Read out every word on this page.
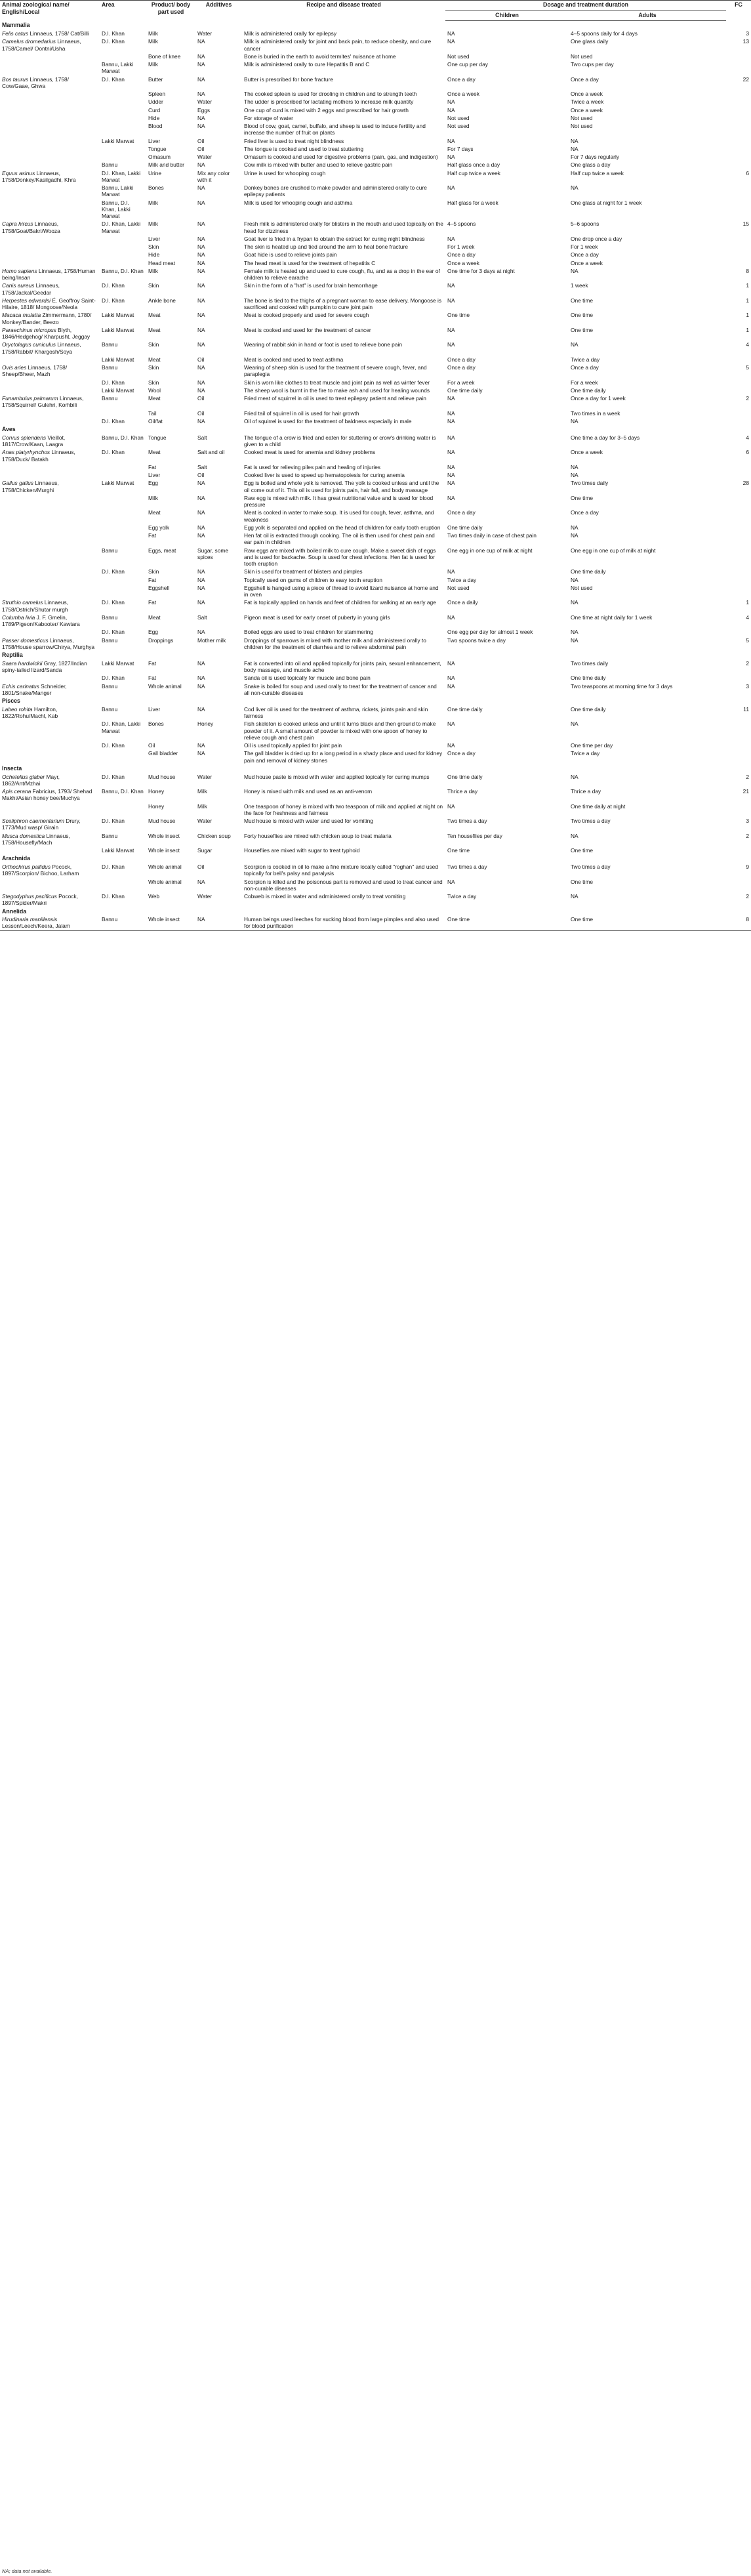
Animal zoological name/ English/Local	Area	Product/ body part used	Additives	Recipe and disease treated	Dosage and treatment duration		FC
					Children	Adults	
Mammalia							
Felis catus Linnaeus, 1758/ Cat/Billi	D.I. Khan	Milk	Water	Milk is administered orally for epilepsy	NA	4–5 spoons daily for 4 days	3
Camelus dromedarius Linnaeus, 1758/Camel/ Oontni/Usha	D.I. Khan	Milk	NA	Milk is administered orally for joint and back pain, to reduce obesity, and cure cancer	NA	One glass daily	13
		Bone of knee	NA	Bone is buried in the earth to avoid termites' nuisance at home	Not used	Not used	
	Bannu, Lakki Marwat	Milk	NA	Milk is administered orally to cure Hepatitis B and C	One cup per day	Two cups per day	
Bos taurus Linnaeus, 1758/ Cow/Gaae, Ghwa	D.I. Khan	Butter	NA	Butter is prescribed for bone fracture	Once a day	Once a day	22
		Spleen	NA	The cooked spleen is used for drooling in children and to strength teeth	Once a week	Once a week	
		Udder	Water	The udder is prescribed for lactating mothers to increase milk quantity	NA	Twice a week	
		Curd	Eggs	One cup of curd is mixed with 2 eggs and prescribed for hair growth	NA	Once a week	
		Hide	NA	For storage of water	Not used	Not used	
		Blood	NA	Blood of cow, goat, camel, buffalo, and sheep is used to induce fertility and increase the number of fruit on plants	Not used	Not used	
	Lakki Marwat	Liver	Oil	Fried liver is used to treat night blindness	NA	NA	
		Tongue	Oil	The tongue is cooked and used to treat stuttering	For 7 days	NA	
		Omasum	Water	Omasum is cooked and used for digestive problems (pain, gas, and indigestion)	NA	For 7 days regularly	
	Bannu	Milk and butter	NA	Cow milk is mixed with butter and used to relieve gastric pain	Half glass once a day	One glass a day	
Equus asinus Linnaeus, 1758/Donkey/Kasilgadhi, Khra	D.I. Khan, Lakki Marwat	Urine	Mix any color with it	Urine is used for whooping cough	Half cup twice a week	Half cup twice a week	6
	Bannu, Lakki Marwat	Bones	NA	Donkey bones are crushed to make powder and administered orally to cure epilepsy patients	NA	NA	
	Bannu, D.I. Khan, Lakki Marwat	Milk	NA	Milk is used for whooping cough and asthma	Half glass for a week	One glass at night for 1 week	
Capra hircus Linnaeus, 1758/Goat/Bakri/Wooza	D.I. Khan, Lakki Marwat	Milk	NA	Fresh milk is administered orally for blisters in the mouth and used topically on the head for dizziness	4–5 spoons	5–6 spoons	15
		Liver	NA	Goat liver is fried in a frypan to obtain the extract for curing night blindness	NA	One drop once a day	
		Skin	NA	The skin is heated up and tied around the arm to heal bone fracture	For 1 week	For 1 week	
		Hide	NA	Goat hide is used to relieve joints pain	Once a day	Once a day	
		Head meat	NA	The head meat is used for the treatment of hepatitis C	Once a week	Once a week	
Homo sapiens Linnaeus, 1758/Human being/Insan	Bannu, D.I. Khan	Milk	NA	Female milk is heated up and used to cure cough, flu, and as a drop in the ear of children to relieve earache	One time for 3 days at night	NA	8
Canis aureus Linnaeus, 1758/Jackal/Geedar	D.I. Khan	Skin	NA	Skin in the form of a "hat" is used for brain hemorrhage	NA	1 week	1
Herpestes edwardsi É. Geoffroy Saint-Hilaire, 1818/ Mongoose/Neola	D.I. Khan	Ankle bone	NA	The bone is tied to the thighs of a pregnant woman to ease delivery. Mongoose is sacrificed and cooked with pumpkin to cure joint pain	NA	One time	1
Macaca mulatta Zimmermann, 1780/ Monkey/Bander, Beezo	Lakki Marwat	Meat	NA	Meat is cooked properly and used for severe cough	One time	One time	1
Paraechinus micropus Blyth, 1846/Hedgehog/ Kharpusht, Jeggay	Lakki Marwat	Meat	NA	Meat is cooked and used for the treatment of cancer	NA	One time	1
Oryctolagus cuniculus Linnaeus, 1758/Rabbit/ Khargosh/Soya	Bannu	Skin	NA	Wearing of rabbit skin in hand or foot is used to relieve bone pain	NA	NA	4
	Lakki Marwat	Meat	Oil	Meat is cooked and used to treat asthma	Once a day	Twice a day	
Ovis aries Linnaeus, 1758/ Sheep/Bheer, Mazh	Bannu	Skin	NA	Wearing of sheep skin is used for the treatment of severe cough, fever, and paraplegia	Once a day	Once a day	5
	D.I. Khan	Skin	NA	Skin is worn like clothes to treat muscle and joint pain as well as winter fever	For a week	For a week	
	Lakki Marwat	Wool	NA	The sheep wool is burnt in the fire to make ash and used for healing wounds	One time daily	One time daily	
Funambulus palmarum Linnaeus, 1758/Squirrel/ Gulehri, Korhbili	Bannu	Meat	Oil	Fried meat of squirrel in oil is used to treat epilepsy patient and relieve pain	NA	Once a day for 1 week	2
		Tail	Oil	Fried tail of squirrel in oil is used for hair growth	NA	Two times in a week	
	D.I. Khan	Oil/fat	NA	Oil of squirrel is used for the treatment of baldness especially in male	NA	NA	
Aves							
Corvus splendens Vieillot, 1817/Crow/Kaan, Laagra	Bannu, D.I. Khan	Tongue	Salt	The tongue of a crow is fried and eaten for stuttering or crow's drinking water is given to a child	NA	One time a day for 3–5 days	4
Anas platyrhynchos Linnaeus, 1758/Duck/ Batakh	D.I. Khan	Meat	Salt and oil	Cooked meat is used for anemia and kidney problems	NA	Once a week	6
		Fat	Salt	Fat is used for relieving piles pain and healing of injuries	NA	NA	
		Liver	Oil	Cooked liver is used to speed up hematopoiesis for curing anemia	NA	NA	
Gallus gallus Linnaeus, 1758/Chicken/Murghi	Lakki Marwat	Egg	NA	Egg is boiled and whole yolk is removed. The yolk is cooked unless and until the oil come out of it. This oil is used for joints pain, hair fall, and body massage	NA	Two times daily	28
		Milk	NA	Raw egg is mixed with milk. It has great nutritional value and is used for blood pressure	NA	One time	
		Meat	NA	Meat is cooked in water to make soup. It is used for cough, fever, asthma, and weakness	Once a day	Once a day	
		Egg yolk	NA	Egg yolk is separated and applied on the head of children for early tooth eruption	One time daily	NA	
		Fat	NA	Hen fat oil is extracted through cooking. The oil is then used for chest pain and ear pain in children	Two times daily in case of chest pain	NA	
	Bannu	Eggs, meat	Sugar, some spices	Raw eggs are mixed with boiled milk to cure cough. Make a sweet dish of eggs and is used for backache. Soup is used for chest infections. Hen fat is used for tooth eruption	One egg in one cup of milk at night	One egg in one cup of milk at night	
	D.I. Khan	Skin	NA	Skin is used for treatment of blisters and pimples	NA	One time daily	
		Fat	NA	Topically used on gums of children to easy tooth eruption	Twice a day	NA	
		Eggshell	NA	Eggshell is hanged using a piece of thread to avoid lizard nuisance at home and in oven	Not used	Not used	
Struthio camelus Linnaeus, 1758/Ostrich/Shutar murgh	D.I. Khan	Fat	NA	Fat is topically applied on hands and feet of children for walking at an early age	Once a daily	NA	1
Columba livia J. F. Gmelin, 1789/Pigeon/Kabooter/ Kawtara	Bannu	Meat	Salt	Pigeon meat is used for early onset of puberty in young girls	NA	One time at night daily for 1 week	4
	D.I. Khan	Egg	NA	Boiled eggs are used to treat children for stammering	One egg per day for almost 1 week	NA	
Passer domesticus Linnaeus, 1758/House sparrow/Chirya, Murghya	Bannu	Droppings	Mother milk	Droppings of sparrows is mixed with mother milk and administered orally to children for the treatment of diarrhea and to relieve abdominal pain	Two spoons twice a day	NA	5
Reptilia							
Saara hardwickii Gray, 1827/Indian spiny-tailed lizard/Sanda	Lakki Marwat	Fat	NA	Fat is converted into oil and applied topically for joints pain, sexual enhancement, body massage, and muscle ache	NA	Two times daily	2
	D.I. Khan	Fat	NA	Sanda oil is used topically for muscle and bone pain	NA	One time daily	
Echis carinatus Schneider, 1801/Snake/Manger	Bannu	Whole animal	NA	Snake is boiled for soup and used orally to treat for the treatment of cancer and all non-curable diseases	NA	Two teaspoons at morning time for 3 days	3
Pisces							
Labeo rohita Hamilton, 1822/Rohu/Machl, Kab	Bannu	Liver	NA	Cod liver oil is used for the treatment of asthma, rickets, joints pain and skin fairness	One time daily	One time daily	11
	D.I. Khan, Lakki Marwat	Bones	Honey	Fish skeleton is cooked unless and until it turns black and then ground to make powder of it. A small amount of powder is mixed with one spoon of honey to relieve cough and chest pain	NA	NA	
	D.I. Khan	Oil	NA	Oil is used topically applied for joint pain	NA	One time per day	
		Gall bladder	NA	The gall bladder is dried up for a long period in a shady place and used for kidney pain and removal of kidney stones	Once a day	Twice a day	
Insecta							
Ochetellus glaber Mayr, 1862/Ant/Mzhai	D.I. Khan	Mud house	Water	Mud house paste is mixed with water and applied topically for curing mumps	One time daily	NA	2
Apis cerana Fabricius, 1793/ Shehad Makhi/Asian honey bee/Muchya	Bannu, D.I. Khan	Honey	Milk	Honey is mixed with milk and used as an anti-venom	Thrice a day	Thrice a day	21
		Honey	Milk	One teaspoon of honey is mixed with two teaspoon of milk and applied at night on the face for freshness and fairness	NA	One time daily at night	
Sceliphron caementarium Drury, 1773/Mud wasp/ Girain	D.I. Khan	Mud house	Water	Mud house is mixed with water and used for vomiting	Two times a day	Two times a day	3
Musca domestica Linnaeus, 1758/Housefly/Mach	Bannu	Whole insect	Chicken soup	Forty houseflies are mixed with chicken soup to treat malaria	Ten houseflies per day	NA	2
	Lakki Marwat	Whole insect	Sugar	Houseflies are mixed with sugar to treat typhoid	One time	One time	
Arachnida							
Orthochirus pallidus Pocock, 1897/Scorpion/ Bichoo, Larham	D.I. Khan	Whole animal	Oil	Scorpion is cooked in oil to make a fine mixture locally called "roghan" and used topically for bell's palsy and paralysis	Two times a day	Two times a day	9
		Whole animal	NA	Scorpion is killed and the poisonous part is removed and used to treat cancer and non-curable diseases	NA	One time	
Stegodyphus pacificus Pocock, 1897/Spider/Makri	D.I. Khan	Web	Water	Cobweb is mixed in water and administered orally to treat vomiting	Twice a day	NA	2
Annelida							
Hirudinaria manillensis Lesson/Leech/Keera, Jalam	Bannu	Whole insect	NA	Human beings used leeches for sucking blood from large pimples and also used for blood purification	One time	One time	8
NA; data not available.
